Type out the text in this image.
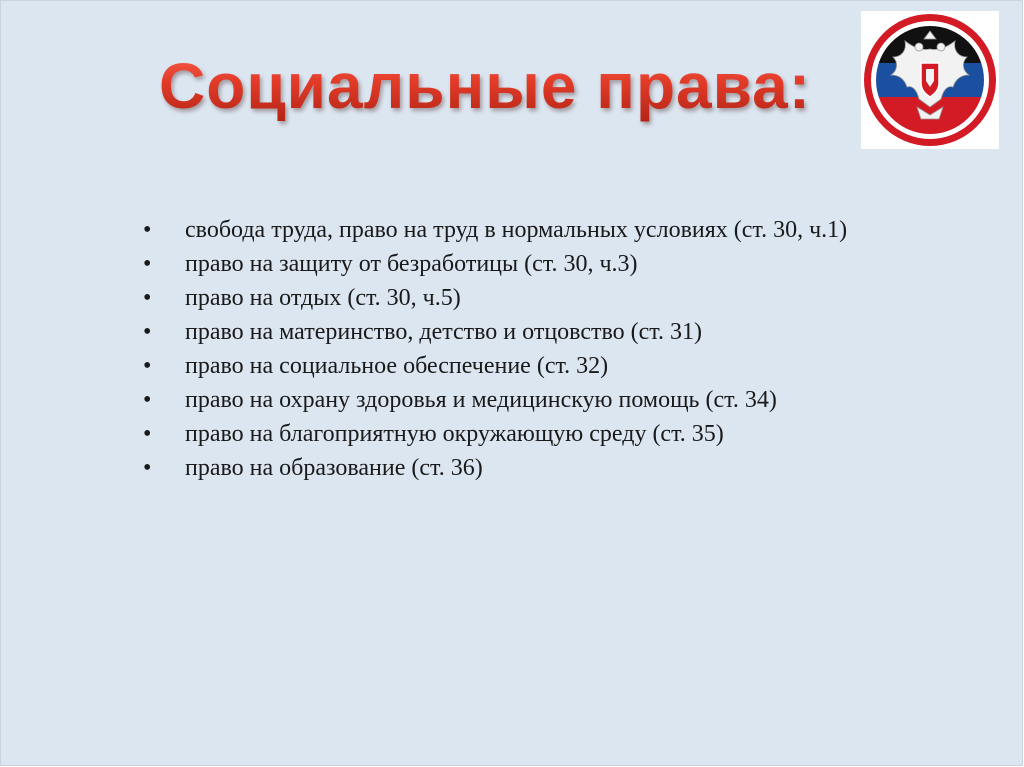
Социальные права:
•	свобода труда, право на труд в нормальных условиях (ст. 30, ч.1)
•	право на защиту от безработицы (ст. 30, ч.3)
•	право на отдых (ст. 30, ч.5)
•	право на материнство, детство и отцовство (ст. 31)
•	право на социальное обеспечение (ст. 32)
•	право на охрану здоровья и медицинскую помощь (ст. 34)
•	право на благоприятную окружающую среду (ст. 35)
•	право на образование (ст. 36)
